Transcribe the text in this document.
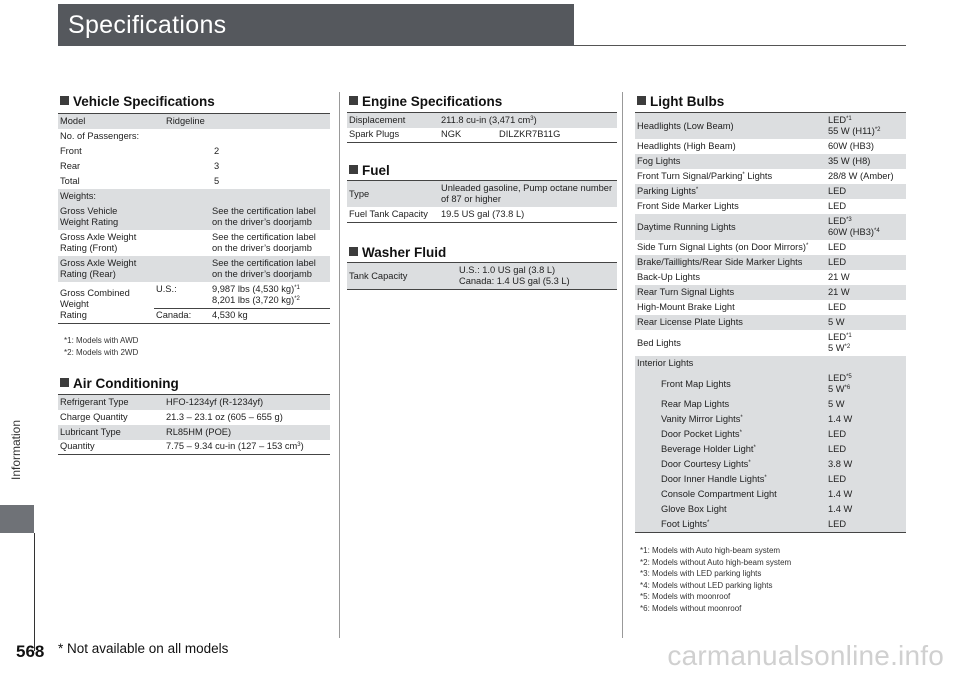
Specifications
Information
Vehicle Specifications
Model	Ridgeline	
No. of Passengers:		
Front	2	
Rear	3	
Total	5	
Weights:		
Gross Vehicle
Weight Rating		See the certification label
on the driver’s doorjamb
Gross Axle Weight
Rating (Front)		See the certification label
on the driver’s doorjamb
Gross Axle Weight
Rating (Rear)		See the certification label
on the driver’s doorjamb
Gross Combined Weight
Rating	U.S.:	9,987 lbs (4,530 kg)$^{*1}$
8,201 lbs (3,720 kg)$^{*2}$
	Canada:	4,530 kg
*1: Models with AWD
*2: Models with 2WD
Air Conditioning
Refrigerant Type	HFO-1234yf (R-1234yf)
Charge Quantity	21.3 – 23.1 oz (605 – 655 g)
Lubricant Type	RL85HM (POE)
Quantity	7.75 – 9.34 cu-in (127 – 153 $cm^3$)
Engine Specifications
Displacement	211.8 cu-in (3,471 $cm^3$)	
Spark Plugs	NGK	DILZKR7B11G
Fuel
Type	Unleaded gasoline, Pump octane number
of 87 or higher
Fuel Tank Capacity	19.5 US gal (73.8 L)
Washer Fluid
Tank Capacity	U.S.: 1.0 US gal (3.8 L)
Canada: 1.4 US gal (5.3 L)
Light Bulbs
Headlights (Low Beam)	LED$^{*1}$
55 W $(H11)^{*2}$
Headlights (High Beam)	60W (HB3)
Fog Lights	35 W (H8)
Front Turn Signal/Parking* Lights	28/8 W (Amber)
Parking Lights*	LED
Front Side Marker Lights	LED
Daytime Running Lights	LED$^{*3}$
60W $(HB3)^{*4}$
Side Turn Signal Lights (on Door Mirrors)*	LED
Brake/Taillights/Rear Side Marker Lights	LED
Back-Up Lights	21 W
Rear Turn Signal Lights	21 W
High-Mount Brake Light	LED
Rear License Plate Lights	5 W
Bed Lights	LED$^{*1}$
5 $W^{*2}$
Interior Lights	
Front Map Lights	LED$^{*5}$
5 $W^{*6}$
Rear Map Lights	5 W
Vanity Mirror Lights*	1.4 W
Door Pocket Lights*	LED
Beverage Holder Light*	LED
Door Courtesy Lights*	3.8 W
Door Inner Handle Lights*	LED
Console Compartment Light	1.4 W
Glove Box Light	1.4 W
Foot Lights*	LED
*1: Models with Auto high-beam system
*2: Models without Auto high-beam system
*3: Models with LED parking lights
*4: Models without LED parking lights
*5: Models with moonroof
*6: Models without moonroof
568 * Not available on all models	carmanualsonline.info
